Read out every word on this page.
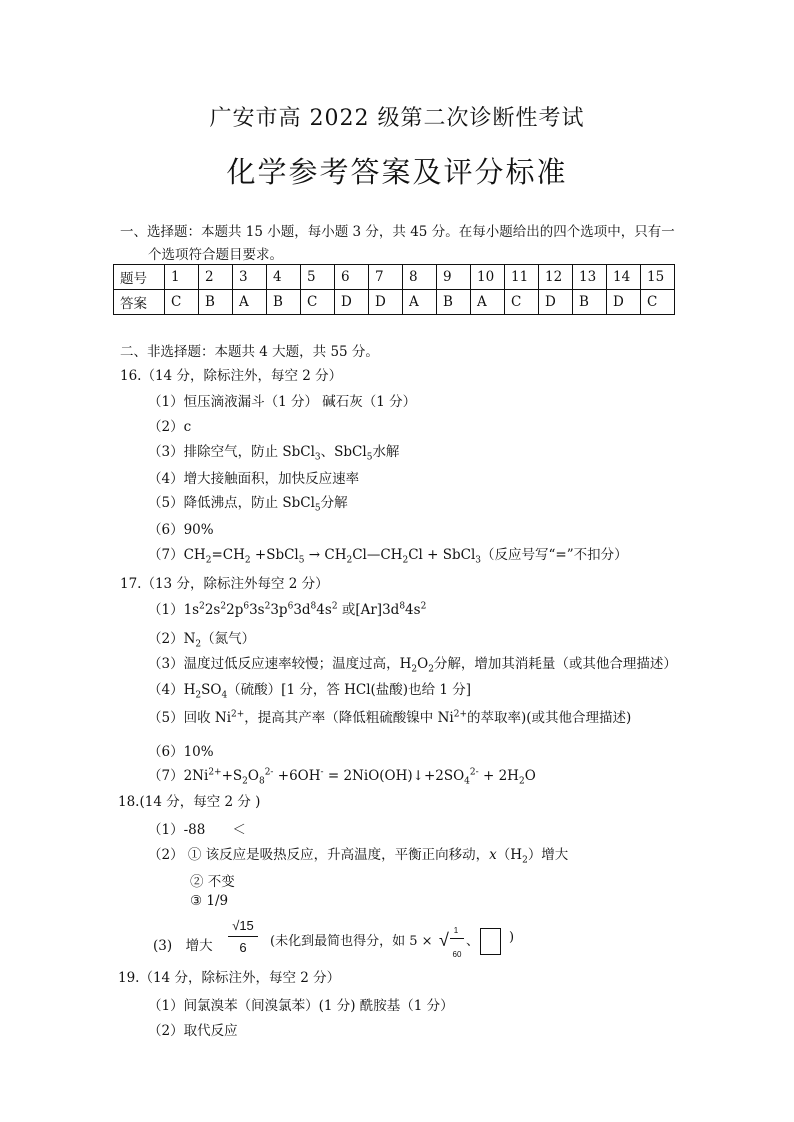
广安市高 2022 级第二次诊断性考试
化学参考答案及评分标准
一、选择题：本题共 15 小题，每小题 3 分，共 45 分。在每小题给出的四个选项中，只有一
个选项符合题目要求。
题号	1	2	3	4	5	6	7	8	9	10	11	12	13	14	15
答案	C	B	A	B	C	D	D	A	B	A	C	D	B	D	C
二、非选择题：本题共 4 大题，共 55 分。
16.（14 分，除标注外，每空 2 分）
（1）恒压滴液漏斗（1 分） 碱石灰（1 分）
（2）c
（3）排除空气，防止 SbCl$_3$、SbCl$_5$水解
（4）增大接触面积，加快反应速率
（5）降低沸点，防止 SbCl$_5$分解
（6）90%
$(7)CH_2=CH_2$ +SbCl$_5$ → $CH_2Cl—CH_2Cl$ + SbCl$_3$（反应号写“=”不扣分）
17.（13 分，除标注外每空 2 分）
$(1)1s^22s^22p^63s^23p^63d^84s^2$ 或$[Ar]3d^84s^2$
$(2)N_2$（氮气）
（3）温度过低反应速率较慢；温度过高，$H_2O_2$分解，增加其消耗量（或其他合理描述）
$(4)H_2SO_4$（硫酸）[1 分，答 HCl(盐酸)也给 1 分]
（5）回收 $Ni^{2+}$，提高其产率（降低粗硫酸镍中 $Ni^{2+}$的萃取率)(或其他合理描述)
（6）10%
$(7)2Ni^{2+}+S_2O_8^{2-} +6OH^-$ = $2NiO(OH)↓+2SO_4^{2-} + 2H_2O$
18.(14 分，每空 2 分 )
（1）-88　　＜
（2） ① 该反应是吸热反应，升高温度，平衡正向移动，$x(H_2)$增大
② 不变
③ 1/9
(3)　增大
√15
6	(未化到最简也得分，如 5 × √ 1
60
、 )
19.（14 分，除标注外，每空 2 分）
（1）间氯溴苯（间溴氯苯）(1 分) 酰胺基（1 分）
（2）取代反应
